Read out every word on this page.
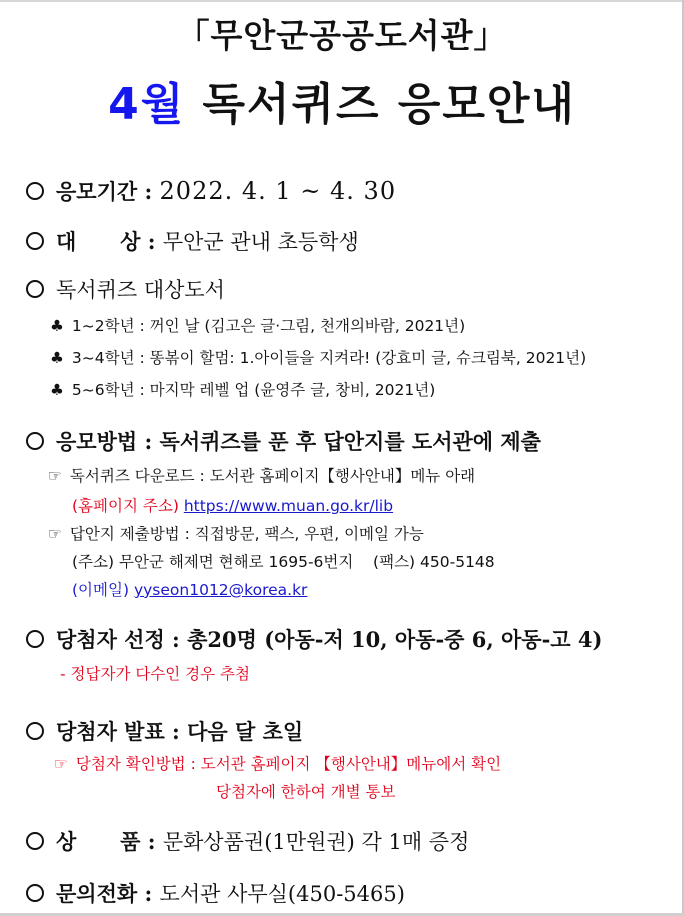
「무안군공공도서관」
4월 독서퀴즈 응모안내
응모기간 : 2022. 4. 1 ~ 4. 30
대      상 : 무안군 관내 초등학생
독서퀴즈 대상도서
♣ 1~2학년 : 꺼인 날 (김고은 글·그림, 천개의바람, 2021년)
♣ 3~4학년 : 똥볶이 할멈: 1.아이들을 지켜라! (강효미 글, 슈크림북, 2021년)
♣ 5~6학년 : 마지막 레벨 업 (윤영주 글, 창비, 2021년)
응모방법 : 독서퀴즈를 푼 후 답안지를 도서관에 제출
☞ 독서퀴즈 다운로드 : 도서관 홈페이지【행사안내】메뉴 아래
(홈페이지 주소) https://www.muan.go.kr/lib
☞ 답안지 제출방법 : 직접방문, 팩스, 우편, 이메일 가능
(주소) 무안군 해제면 현해로 1695-6번지    (팩스) 450-5148
(이메일) yyseon1012@korea.kr
당첨자 선정 : 총20명 (아동-저 10, 아동-중 6, 아동-고 4)
- 정답자가 다수인 경우 추첨
당첨자 발표 : 다음 달 초일
☞ 당첨자 확인방법 : 도서관 홈페이지 【행사안내】메뉴에서 확인
당첨자에 한하여 개별 통보
상      품 : 문화상품권(1만원권) 각 1매 증정
문의전화 : 도서관 사무실(450-5465)
